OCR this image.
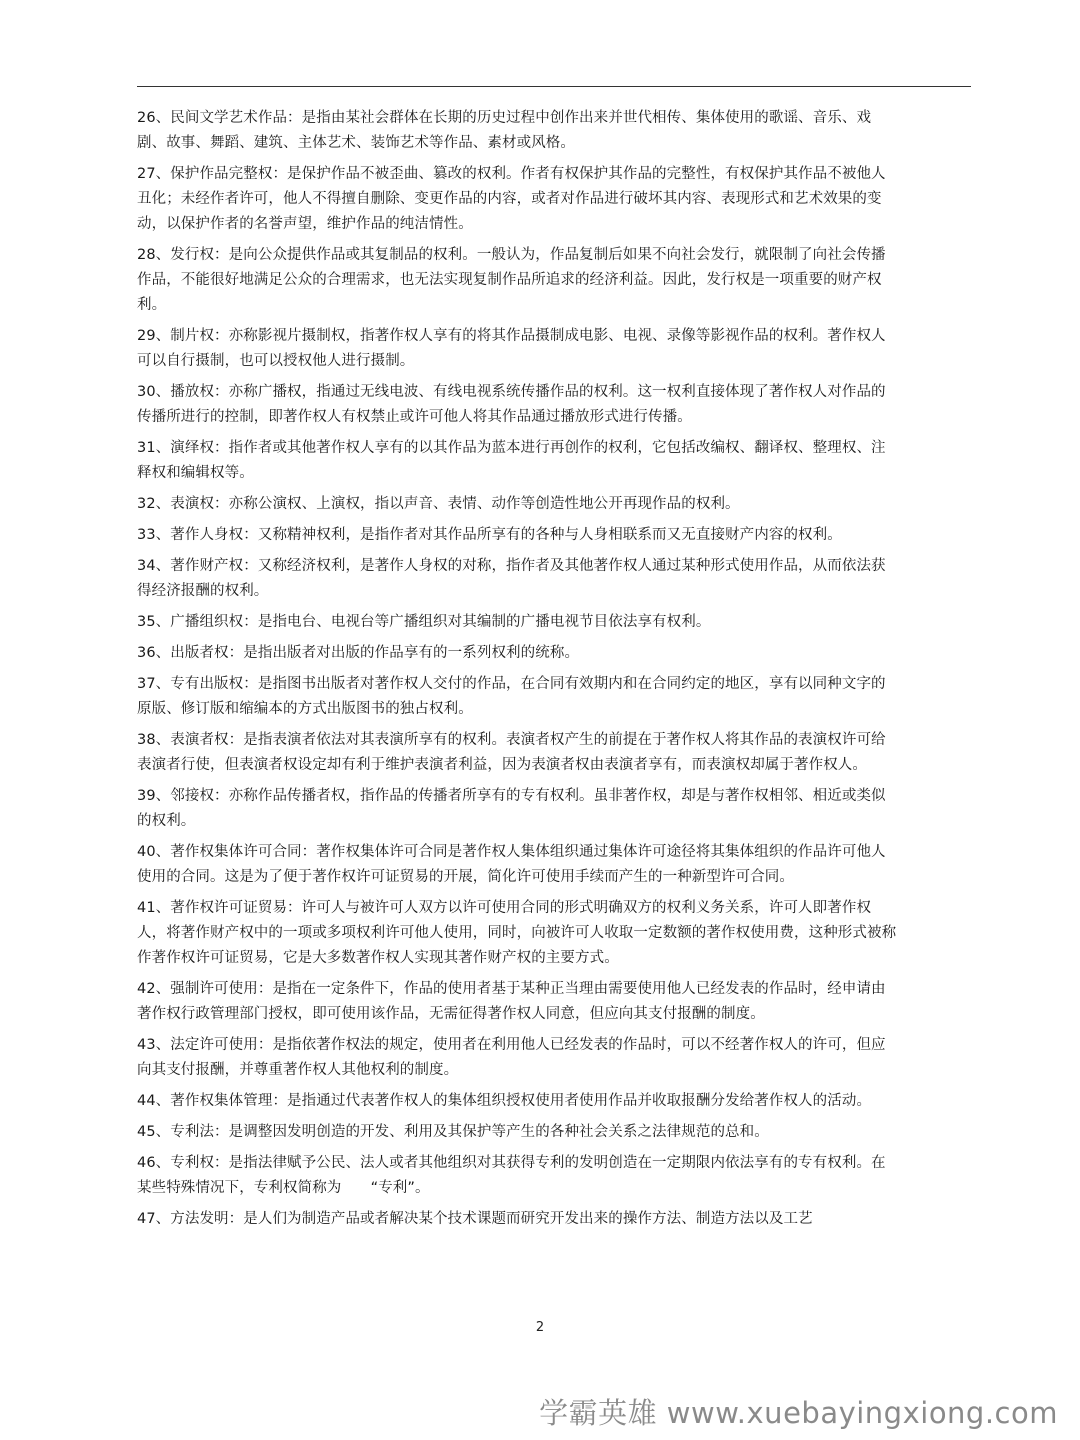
26、民间文学艺术作品：是指由某社会群体在长期的历史过程中创作出来并世代相传、集体使用的歌谣、音乐、戏剧、故事、舞蹈、建筑、主体艺术、装饰艺术等作品、素材或风格。

27、保护作品完整权：是保护作品不被歪曲、篡改的权利。作者有权保护其作品的完整性，有权保护其作品不被他人丑化；未经作者许可，他人不得擅自删除、变更作品的内容，或者对作品进行破坏其内容、表现形式和艺术效果的变动，以保护作者的名誉声望，维护作品的纯洁情性。

28、发行权：是向公众提供作品或其复制品的权利。一般认为，作品复制后如果不向社会发行，就限制了向社会传播作品，不能很好地满足公众的合理需求，也无法实现复制作品所追求的经济利益。因此，发行权是一项重要的财产权利。

29、制片权：亦称影视片摄制权，指著作权人享有的将其作品摄制成电影、电视、录像等影视作品的权利。著作权人可以自行摄制，也可以授权他人进行摄制。

30、播放权：亦称广播权，指通过无线电波、有线电视系统传播作品的权利。这一权利直接体现了著作权人对作品的传播所进行的控制，即著作权人有权禁止或许可他人将其作品通过播放形式进行传播。

31、演绎权：指作者或其他著作权人享有的以其作品为蓝本进行再创作的权利，它包括改编权、翻译权、整理权、注释权和编辑权等。

32、表演权：亦称公演权、上演权，指以声音、表情、动作等创造性地公开再现作品的权利。

33、著作人身权：又称精神权利，是指作者对其作品所享有的各种与人身相联系而又无直接财产内容的权利。

34、著作财产权：又称经济权利，是著作人身权的对称，指作者及其他著作权人通过某种形式使用作品，从而依法获得经济报酬的权利。

35、广播组织权：是指电台、电视台等广播组织对其编制的广播电视节目依法享有权利。

36、出版者权：是指出版者对出版的作品享有的一系列权利的统称。

37、专有出版权：是指图书出版者对著作权人交付的作品，在合同有效期内和在合同约定的地区，享有以同种文字的原版、修订版和缩编本的方式出版图书的独占权利。

38、表演者权：是指表演者依法对其表演所享有的权利。表演者权产生的前提在于著作权人将其作品的表演权许可给表演者行使，但表演者权设定却有利于维护表演者利益，因为表演者权由表演者享有，而表演权却属于著作权人。

39、邻接权：亦称作品传播者权，指作品的传播者所享有的专有权利。虽非著作权，却是与著作权相邻、相近或类似的权利。

40、著作权集体许可合同：著作权集体许可合同是著作权人集体组织通过集体许可途径将其集体组织的作品许可他人使用的合同。这是为了便于著作权许可证贸易的开展，简化许可使用手续而产生的一种新型许可合同。

41、著作权许可证贸易：许可人与被许可人双方以许可使用合同的形式明确双方的权利义务关系，许可人即著作权人，将著作财产权中的一项或多项权利许可他人使用，同时，向被许可人收取一定数额的著作权使用费，这种形式被称作著作权许可证贸易，它是大多数著作权人实现其著作财产权的主要方式。

42、强制许可使用：是指在一定条件下，作品的使用者基于某种正当理由需要使用他人已经发表的作品时，经申请由著作权行政管理部门授权，即可使用该作品，无需征得著作权人同意，但应向其支付报酬的制度。

43、法定许可使用：是指依著作权法的规定，使用者在利用他人已经发表的作品时，可以不经著作权人的许可，但应向其支付报酬，并尊重著作权人其他权利的制度。

44、著作权集体管理：是指通过代表著作权人的集体组织授权使用者使用作品并收取报酬分发给著作权人的活动。

45、专利法：是调整因发明创造的开发、利用及其保护等产生的各种社会关系之法律规范的总和。

46、专利权：是指法律赋予公民、法人或者其他组织对其获得专利的发明创造在一定期限内依法享有的专有权利。在某些特殊情况下，专利权简称为　　“专利”。

47、方法发明：是人们为制造产品或者解决某个技术课题而研究开发出来的操作方法、制造方法以及工艺

2
学霸英雄 www.xuebayingxiong.com
